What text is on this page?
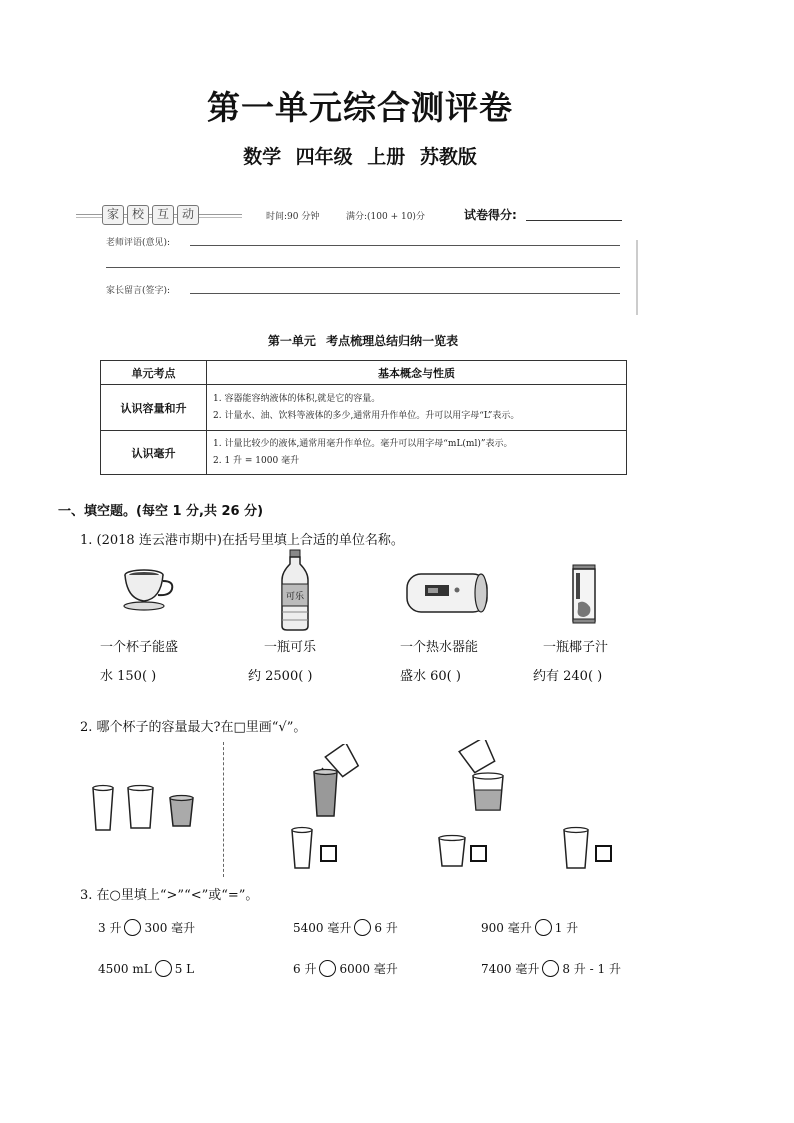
第一单元综合测评卷
数学 四年级 上册 苏教版
家	校	互	动	时间:90 分钟	满分:(100 + 10)分	试卷得分:
老师评语(意见):
家长留言(签字):
第一单元 考点梳理总结归纳一览表
单元考点	基本概念与性质
认识容量和升	1. 容器能容纳液体的体积,就是它的容量。
2. 计量水、油、饮料等液体的多少,通常用升作单位。升可以用字母“L”表示。

认识毫升	1. 计量比较少的液体,通常用毫升作单位。毫升可以用字母“mL(ml)”表示。
2. 1 升 = 1000 毫升
一、填空题。(每空 1 分,共 26 分)
1. (2018 连云港市期中)在括号里填上合适的单位名称。
可乐
一个杯子能盛
水 150( )
一瓶可乐
约 2500( )
一个热水器能
盛水 60( )
一瓶椰子汁
约有 240( )
2. 哪个杯子的容量最大?在□里画“√”。
3. 在○里填上“>”“<”或“=”。
3 升 300 毫升	5400 毫升 6 升	900 毫升 1 升
4500 mL 5 L	6 升 6000 毫升	7400 毫升 8 升 - 1 升
